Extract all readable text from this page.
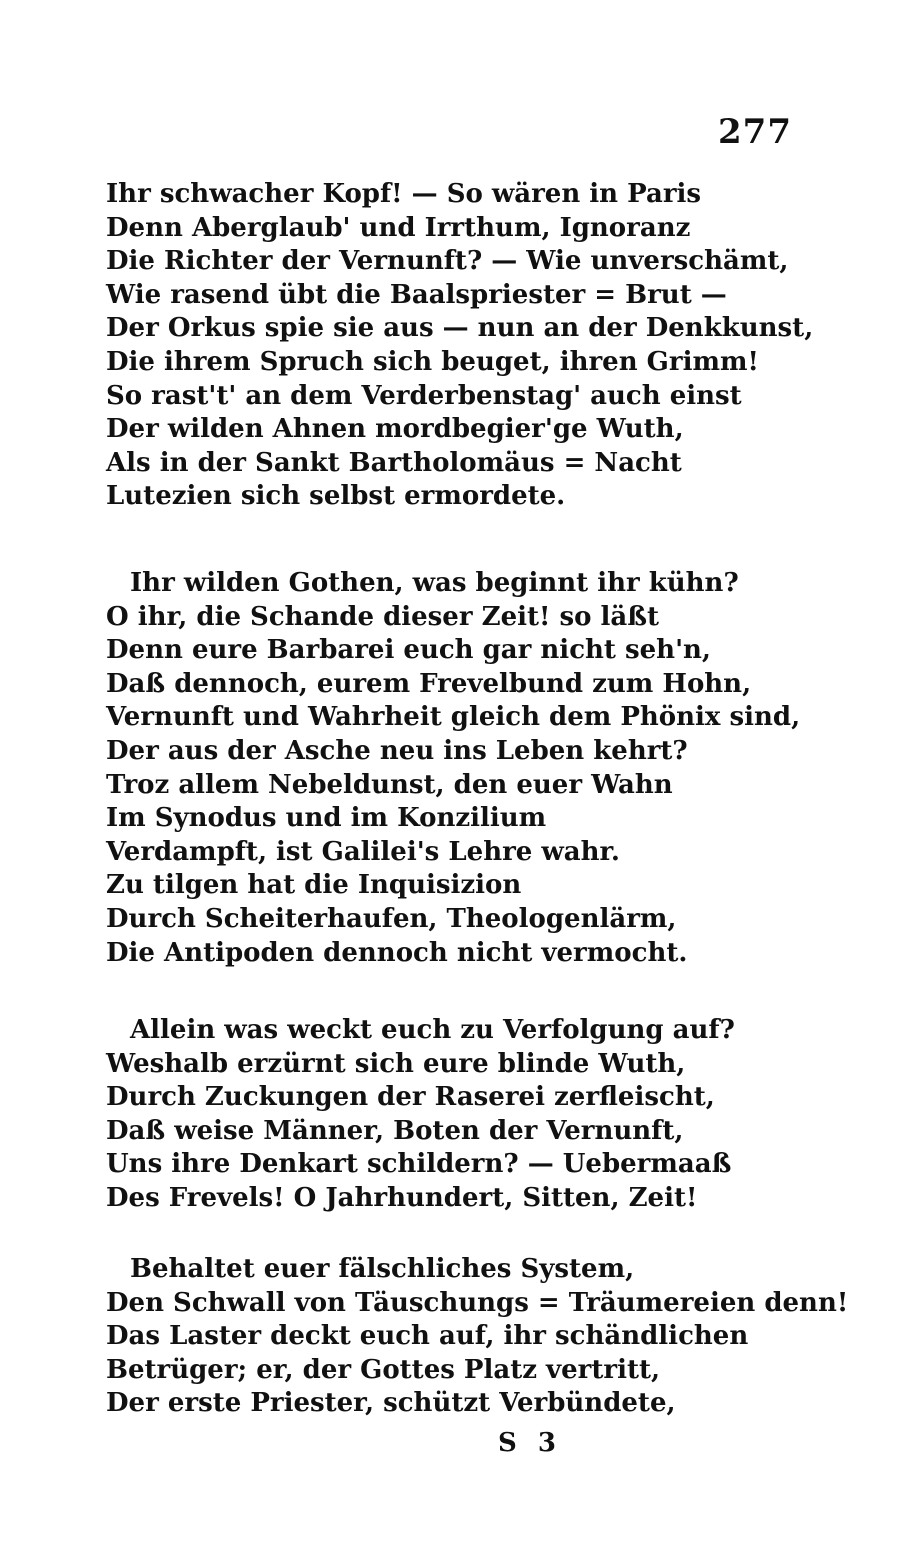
277
Ihr schwacher Kopf! — So wären in Paris
Denn Aberglaub' und Irrthum, Ignoranz
Die Richter der Vernunft? — Wie unverschämt,
Wie rasend übt die Baalspriester = Brut —
Der Orkus spie sie aus — nun an der Denkkunst,
Die ihrem Spruch sich beuget, ihren Grimm!
So rast't' an dem Verderbenstag' auch einst
Der wilden Ahnen mordbegier'ge Wuth,
Als in der Sankt Bartholomäus = Nacht
Lutezien sich selbst ermordete.
Ihr wilden Gothen, was beginnt ihr kühn?
O ihr, die Schande dieser Zeit! so läßt
Denn eure Barbarei euch gar nicht seh'n,
Daß dennoch, eurem Frevelbund zum Hohn,
Vernunft und Wahrheit gleich dem Phönix sind,
Der aus der Asche neu ins Leben kehrt?
Troz allem Nebeldunst, den euer Wahn
Im Synodus und im Konzilium
Verdampft, ist Galilei's Lehre wahr.
Zu tilgen hat die Inquisizion
Durch Scheiterhaufen, Theologenlärm,
Die Antipoden dennoch nicht vermocht.
Allein was weckt euch zu Verfolgung auf?
Weshalb erzürnt sich eure blinde Wuth,
Durch Zuckungen der Raserei zerfleischt,
Daß weise Männer, Boten der Vernunft,
Uns ihre Denkart schildern? — Uebermaaß
Des Frevels! O Jahrhundert, Sitten, Zeit!
Behaltet euer fälschliches System,
Den Schwall von Täuschungs = Träumereien denn!
Das Laster deckt euch auf, ihr schändlichen
Betrüger; er, der Gottes Platz vertritt,
Der erste Priester, schützt Verbündete,
S 3
